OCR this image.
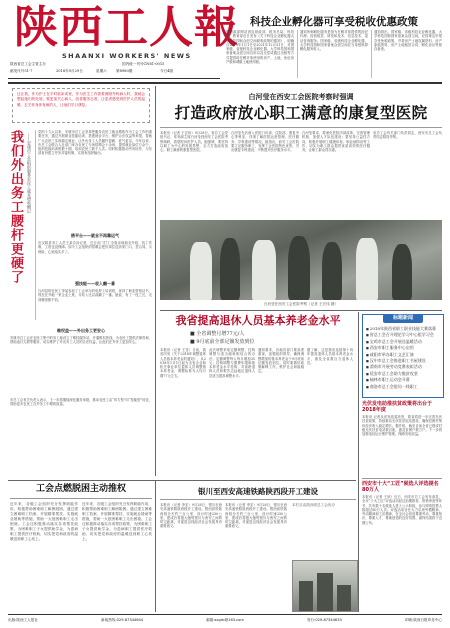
陕西工人報
SHAANXI WORKERS' NEWS
陕西省总工会主管主办	国内统一刊号CN61-0015
邮发代号51-7	2018年9月29日	星期六	第8980期	今日4版
科技企业孵化器可享受税收优惠政策
据财政部网站消息财政部、税务总局、科技部、教育部近日发布《关于科技企业孵化器大学科技园和众创空间税收政策的通知》，明确自2019年1月1日至2021年12月31日，对国家级、省级科技企业孵化器、大学科技园和国家备案众创空间自用以及无偿或通过出租等方式提供给在孵对象使用的房产、土地，免征房产税和城镇土地使用税。
通知所称孵化服务是指为在孵对象提供的经纪代理、经营租赁、研发和技术、信息技术、鉴证咨询服务。国家级、省级科技企业孵化器、大学科技园和国家备案众创空间应当单独核算孵化服务收入。
通知指出，国家级、省级科技企业孵化器、大学科技园和国家备案众创空间，应按规定申报享受免税政策，并将房产土地权属资料、房产原值资料、房产土地租赁合同、孵化协议等留存备查。
这让我，作为护士在平时临床或者，作为医生工作需要照顾外科病人时，我就会想起她们的处境，要更加关心病人，改善服务态度，让患者感受到医护人员的温暖，去关怀身体有病的人，让他们早日康复。
我们外出务工腰杆更硬了	——安康市工会组织服务农民工就业增收侧记
党的十九大以来，安康市总工会坚持把服务农民工就业增收作为工会工作的重要任务，通过开展职业技能培训、搭建就业平台、维护合法权益等举措，帮助广大农民工实现稳定就业，让外出务工人员腰杆更硬、底气更足。今年以来，市总工会联合人社部门举办农民工专场招聘会十余场，提供就业岗位万余个，组织技能培训班数十期，培训农民工数千人次。同时积极推动劳务协作，与东部省份建立劳务对接机制，实现有组织输出。
搭平台——就业不再靠运气
在汉阴县务工人员王某告诉记者，过去出门打工全靠亲戚朋友介绍，找工作难，工资也没保障。如今工会组织的招聘会把好岗位送到家门口，签合同、买保险，心里踏实多了。
强技能——收入翻一番
白河县的农民工李某参加了工会举办的电焊工培训班，拿到了职业资格证书，现在在外地一家企业上班，月收入比以前翻了一番。她说，有了一技之长，走到哪里都不怕。
维权益——外出务工更安心
安康市总工会在农民工集中的务工地设立了维权服务站，开通维权热线，为农民工提供法律咨询、帮助追讨欠薪等服务，切实维护了外出务工人员的合法权益，让他们在外务工更加安心。
市总工会有关负责人表示，下一步将继续深化服务举措，推动农民工由“体力型”向“技能型”转变，帮助更多农民工在外务工中增收致富。
白河莹在西安工会医院考察时强调
打造政府放心职工满意的康复型医院
本报讯（记者 王宏伟）9月28日，省总工会党组书记、常务副主席白河莹到西安工会医院考察调研，看望慰问医护人员。她强调，要坚持以职工为中心的发展思想，全力打造政府放心、职工满意的康复型医院。
白河莹先后深入医院门诊部、住院部、康复中心等科室，详细了解医院运营管理、医疗服务、学科建设等情况。她指出，西安工会医院要立足服务职工，发挥工会医院特色优势，突出康复专科建设，不断提升医疗服务水平。
白河莹要求，要深化医院内部改革，完善管理机制，加强人才队伍建设；要坚持公益性方向，积极开展职工健康体检、职业病防治等工作，切实为职工群众提供优质高效的医疗服务，让职工群众得实惠。
省总工会有关部门负责同志，西安市总工会负责同志陪同考察。
白河莹在西安工会医院考察（记者 王宏伟 摄）
我省提高退休人员基本养老金水平
■ 全省调整月增77元/人
■ 9月底前全部足额发放到位
本报讯（记者 王雪）日前，我省印发《关于2018年调整退休人员基本养老金的通知》，从2018年1月1日起为全省企业和机关事业单位退休人员调整基本养老金，调整标准为人均月增77元左右。
此次调整采取定额调整、挂钩调整与适当倾斜相结合的办法。定额调整每人每月增加35元；挂钩调整与缴费年限和基本养老金水平挂钩；对高龄退休人员和艰苦边远地区退休人员适当提高调整水平。
通知要求，各地各部门要高度重视，加强组织领导，确保调整增加的基本养老金于9月底前足额发放到位。同时要做好政策解释工作，维护社会和谐稳定。
据了解，这是我省连续第十四年提高退休人员基本养老金水平，惠及全省数百万退休人员。
标题新闻
■ 2018年陕西省职工职业技能大赛落幕
■ 省总工会召开理论学习中心组学习会
■ 宝鸡市总工会开展送温暖活动
■ 西安市职工服务中心启用
■ 咸阳市举办职工文艺汇演
■ 汉中市总工会推进职工书屋建设
■ 渭南市开展劳动竞赛表彰活动
■ 延安市总工会助力脱贫攻坚
■ 榆林市职工运动会开幕
■ 商洛市总工会慰问一线职工
光伏发电助推扶贫政策将出台于2018年度
本报讯 记者从省发改委获悉，我省将进一步完善光伏扶贫政策，持续推动光伏扶贫电站建设，确保贫困村集体经济收入稳定增长。据介绍，截至目前全省已建成村级光伏扶贫电站数百座，惠及贫困户数万户。下一步将加强电站运行维护管理，保障发电收益。
西安市十大“工匠”候选人评选提名80万人
本报讯（记者 王欣）近日，西安市总工会发布消息，全市“十大工匠”评选活动经过前期推荐、资格审查等环节，共有数十名候选人进入公示阶段，参与网络投票人数超过80万人次。评选活动旨在大力弘扬劳模精神、劳动精神和工匠精神，在全社会营造尊重劳动、尊重知识、尊重人才、尊重创造的良好氛围。最终结果将于近期公布。
工会点燃脱困主动推权
近年来，各级工会组织充分发挥职能作用，积极帮助困难职工解困脱困。通过建立困难职工档案、开展精准帮扶、实施就业援助等措施，帮助一大批困难职工走出困境。工会还积极推动落实各项帮扶政策，为困难职工子女提供助学金，为患病职工提供医疗救助，切实把党和政府的温暖送到职工心坎上。
近年来，各级工会组织充分发挥职能作用，积极帮助困难职工解困脱困。通过建立困难职工档案、开展精准帮扶、实施就业援助等措施，帮助一大批困难职工走出困境。工会还积极推动落实各项帮扶政策，为困难职工子女提供助学金，为患病职工提供医疗救助，切实把党和政府的温暖送到职工心坎上。
银川至西安高速铁路陕西段开工建设
本报讯（记者 李宏）9月28日，银川至西安高速铁路陕西段开工建设。银西高铁陕西段全长约三百公里，设计时速250公里，建成后将极大缩短银川与西安之间的时空距离，对促进沿线经济社会发展具有重要意义。
本报讯（记者 李宏）9月28日，银川至西安高速铁路陕西段开工建设。银西高铁陕西段全长约三百公里，设计时速250公里，建成后将极大缩短银川与西安之间的时空距离，对促进沿线经济社会发展具有重要意义。
本栏目由陕西省总工会协办
出版:陕西工人报社	新闻热线:029-87344644	邮箱:sxgrb@163.com	发行:029-87344633	印刷:陕西日报印务中心
